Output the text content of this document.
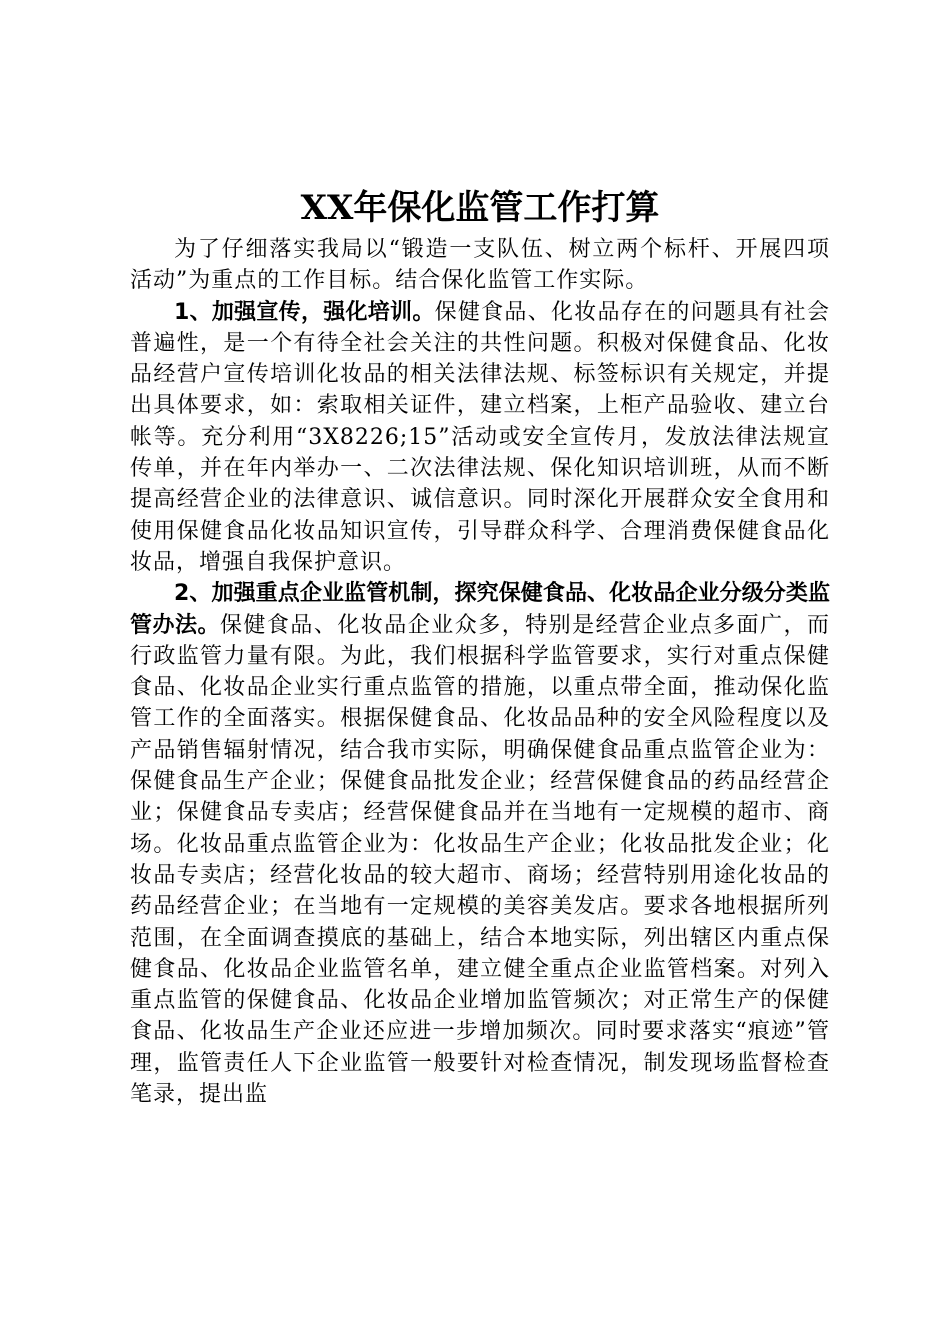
XX年保化监管工作打算

为了仔细落实我局以“锻造一支队伍、树立两个标杆、开展四项活动”为重点的工作目标。结合保化监管工作实际。

1、加强宣传，强化培训。保健食品、化妆品存在的问题具有社会普遍性，是一个有待全社会关注的共性问题。积极对保健食品、化妆品经营户宣传培训化妆品的相关法律法规、标签标识有关规定，并提出具体要求，如：索取相关证件，建立档案，上柜产品验收、建立台帐等。充分利用“3X8226;15”活动或安全宣传月，发放法律法规宣传单，并在年内举办一、二次法律法规、保化知识培训班，从而不断提高经营企业的法律意识、诚信意识。同时深化开展群众安全食用和使用保健食品化妆品知识宣传，引导群众科学、合理消费保健食品化妆品，增强自我保护意识。

2、加强重点企业监管机制，探究保健食品、化妆品企业分级分类监管办法。保健食品、化妆品企业众多，特别是经营企业点多面广，而行政监管力量有限。为此，我们根据科学监管要求，实行对重点保健食品、化妆品企业实行重点监管的措施，以重点带全面，推动保化监管工作的全面落实。根据保健食品、化妆品品种的安全风险程度以及产品销售辐射情况，结合我市实际，明确保健食品重点监管企业为：保健食品生产企业；保健食品批发企业；经营保健食品的药品经营企业；保健食品专卖店；经营保健食品并在当地有一定规模的超市、商场。化妆品重点监管企业为：化妆品生产企业；化妆品批发企业；化妆品专卖店；经营化妆品的较大超市、商场；经营特别用途化妆品的药品经营企业；在当地有一定规模的美容美发店。要求各地根据所列范围，在全面调查摸底的基础上，结合本地实际，列出辖区内重点保健食品、化妆品企业监管名单，建立健全重点企业监管档案。对列入重点监管的保健食品、化妆品企业增加监管频次；对正常生产的保健食品、化妆品生产企业还应进一步增加频次。同时要求落实“痕迹”管理，监管责任人下企业监管一般要针对检查情况，制发现场监督检查笔录，提出监
